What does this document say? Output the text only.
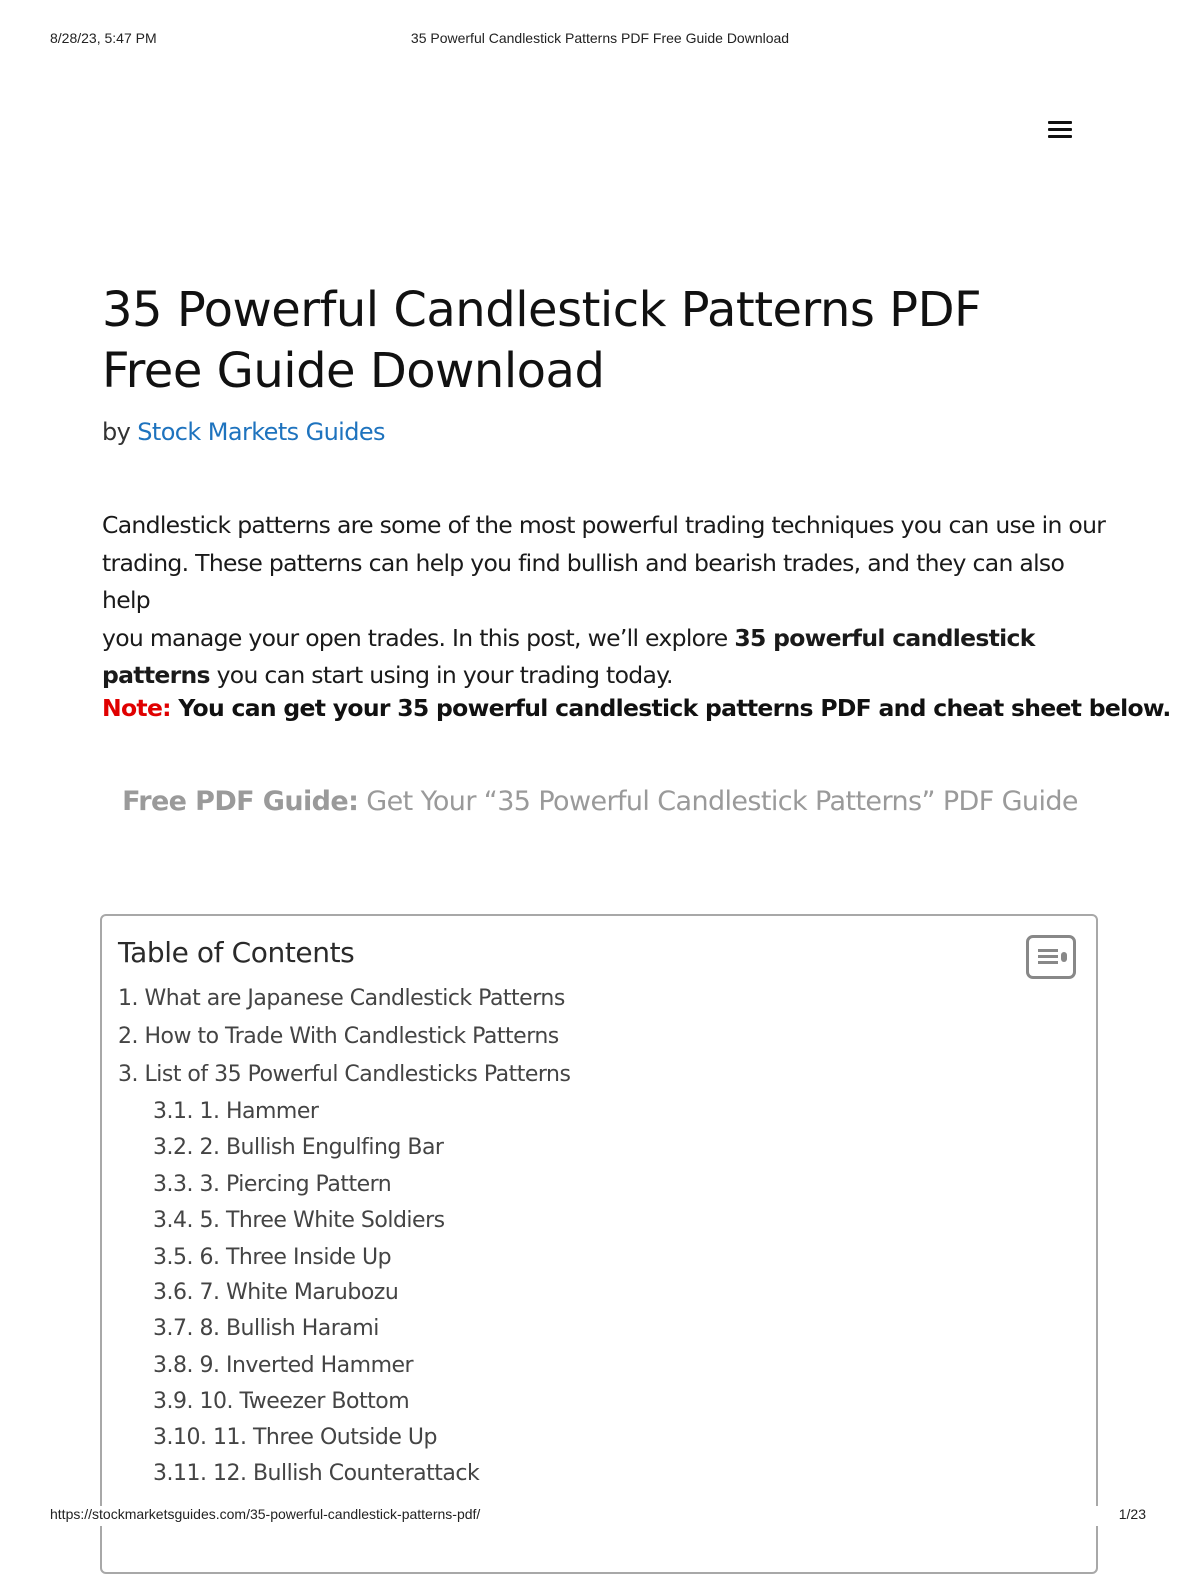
8/28/23, 5:47 PM	35 Powerful Candlestick Patterns PDF Free Guide Download
35 Powerful Candlestick Patterns PDF
Free Guide Download
by Stock Markets Guides

Candlestick patterns are some of the most powerful trading techniques you can use in our
trading. These patterns can help you find bullish and bearish trades, and they can also help
you manage your open trades. In this post, we’ll explore 35 powerful candlestick
patterns you can start using in your trading today.

Note: You can get your 35 powerful candlestick patterns PDF and cheat sheet below.

Free PDF Guide: Get Your “35 Powerful Candlestick Patterns” PDF Guide
Table of Contents
1. What are Japanese Candlestick Patterns
2. How to Trade With Candlestick Patterns
3. List of 35 Powerful Candlesticks Patterns
3.1. 1. Hammer
3.2. 2. Bullish Engulfing Bar
3.3. 3. Piercing Pattern
3.4. 5. Three White Soldiers
3.5. 6. Three Inside Up
3.6. 7. White Marubozu
3.7. 8. Bullish Harami
3.8. 9. Inverted Hammer
3.9. 10. Tweezer Bottom
3.10. 11. Three Outside Up
3.11. 12. Bullish Counterattack
https://stockmarketsguides.com/35-powerful-candlestick-patterns-pdf/	1/23
